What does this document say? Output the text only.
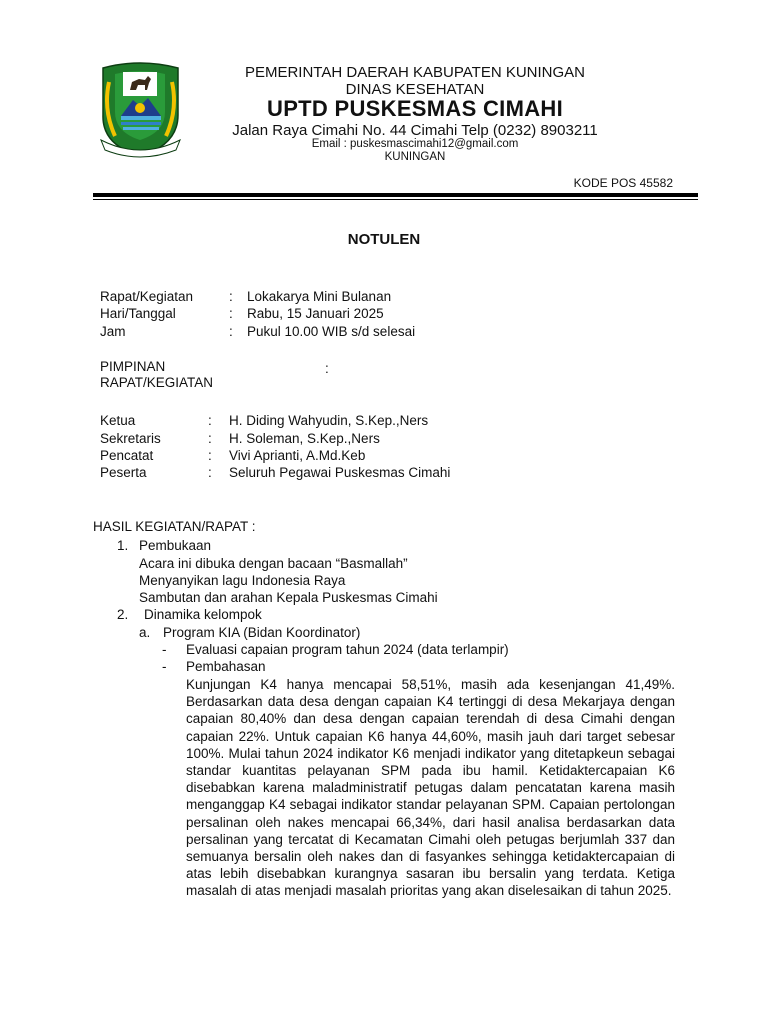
PEMERINTAH DAERAH KABUPATEN KUNINGAN
DINAS KESEHATAN
UPTD PUSKESMAS CIMAHI
Jalan Raya Cimahi No. 44 Cimahi Telp (0232) 8903211
Email : puskesmascimahi12@gmail.com
KUNINGAN
KODE POS 45582
NOTULEN
Rapat/Kegiatan	: Lokakarya Mini Bulanan
Hari/Tanggal	: Rabu, 15 Januari 2025
Jam	: Pukul 10.00 WIB s/d selesai
PIMPINAN	:
RAPAT/KEGIATAN
Ketua	: H. Diding Wahyudin, S.Kep.,Ners
Sekretaris	: H. Soleman, S.Kep.,Ners
Pencatat	: Vivi Aprianti, A.Md.Keb
Peserta	: Seluruh Pegawai Puskesmas Cimahi
HASIL KEGIATAN/RAPAT :
1. Pembukaan
Acara ini dibuka dengan bacaan “Basmallah”
Menyanyikan lagu Indonesia Raya
Sambutan dan arahan Kepala Puskesmas Cimahi
2. Dinamika kelompok
a. Program KIA (Bidan Koordinator)
- Evaluasi capaian program tahun 2024 (data terlampir)
- Pembahasan
Kunjungan K4 hanya mencapai 58,51%, masih ada kesenjangan 41,49%. Berdasarkan data desa dengan capaian K4 tertinggi di desa Mekarjaya dengan capaian 80,40% dan desa dengan capaian terendah di desa Cimahi dengan capaian 22%. Untuk capaian K6 hanya 44,60%, masih jauh dari target sebesar 100%. Mulai tahun 2024 indikator K6 menjadi indikator yang ditetapkeun sebagai standar kuantitas pelayanan SPM pada ibu hamil. Ketidaktercapaian K6 disebabkan karena maladministratif petugas dalam pencatatan karena masih menganggap K4 sebagai indikator standar pelayanan SPM. Capaian pertolongan persalinan oleh nakes mencapai 66,34%, dari hasil analisa berdasarkan data persalinan yang tercatat di Kecamatan Cimahi oleh petugas berjumlah 337 dan semuanya bersalin oleh nakes dan di fasyankes sehingga ketidaktercapaian di atas lebih disebabkan kurangnya sasaran ibu bersalin yang terdata. Ketiga masalah di atas menjadi masalah prioritas yang akan diselesaikan di tahun 2025.
